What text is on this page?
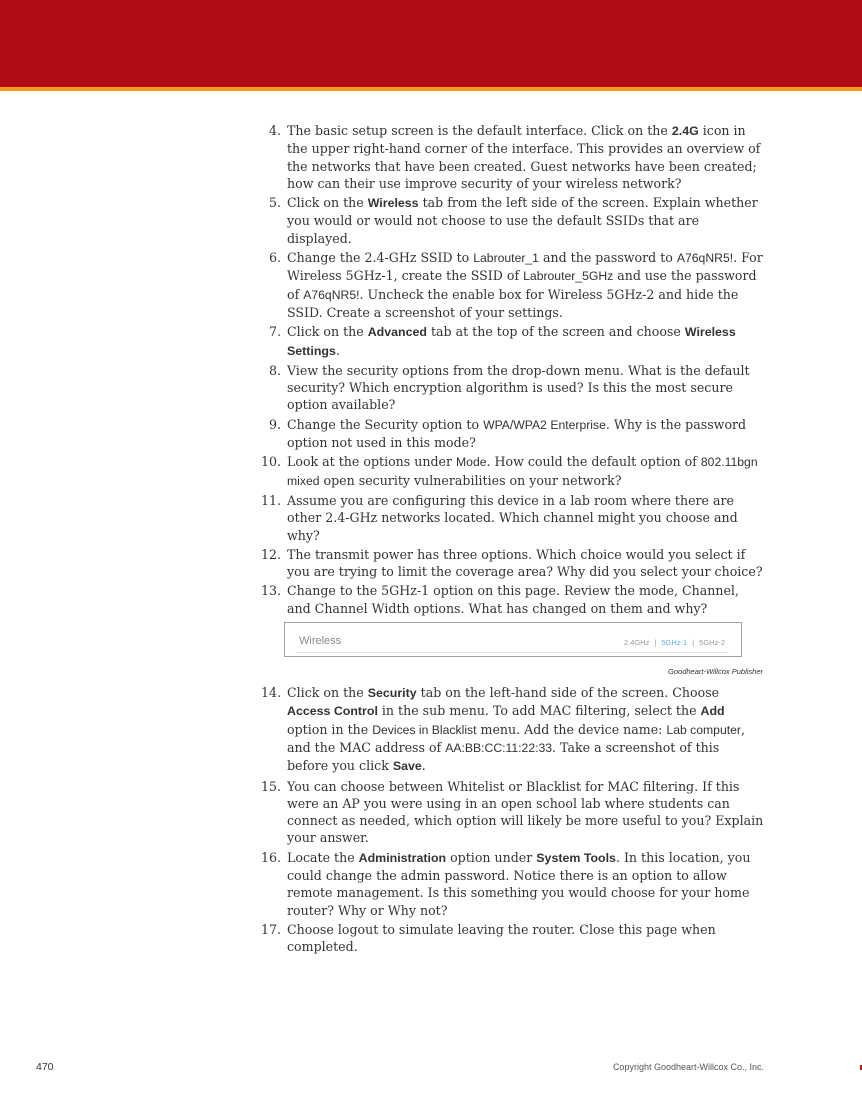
4. The basic setup screen is the default interface. Click on the 2.4G icon in the upper right-hand corner of the interface. This provides an overview of the networks that have been created. Guest networks have been created; how can their use improve security of your wireless network?
5. Click on the Wireless tab from the left side of the screen. Explain whether you would or would not choose to use the default SSIDs that are displayed.
6. Change the 2.4-GHz SSID to Labrouter_1 and the password to A76qNR5!. For Wireless 5GHz-1, create the SSID of Labrouter_5GHz and use the password of A76qNR5!. Uncheck the enable box for Wireless 5GHz-2 and hide the SSID. Create a screenshot of your settings.
7. Click on the Advanced tab at the top of the screen and choose Wireless Settings.
8. View the security options from the drop-down menu. What is the default security? Which encryption algorithm is used? Is this the most secure option available?
9. Change the Security option to WPA/WPA2 Enterprise. Why is the password option not used in this mode?
10. Look at the options under Mode. How could the default option of 802.11bgn mixed open security vulnerabilities on your network?
11. Assume you are configuring this device in a lab room where there are other 2.4-GHz networks located. Which channel might you choose and why?
12. The transmit power has three options. Which choice would you select if you are trying to limit the coverage area? Why did you select your choice?
13. Change to the 5GHz-1 option on this page. Review the mode, Channel, and Channel Width options. What has changed on them and why?
Wireless	2.4GHz | 5GHz-1 | 5GHz-2
Goodheart-Willcox Publisher
14. Click on the Security tab on the left-hand side of the screen. Choose Access Control in the sub menu. To add MAC filtering, select the Add option in the Devices in Blacklist menu. Add the device name: Lab computer, and the MAC address of AA:BB:CC:11:22:33. Take a screenshot of this before you click Save.
15. You can choose between Whitelist or Blacklist for MAC filtering. If this were an AP you were using in an open school lab where students can connect as needed, which option will likely be more useful to you? Explain your answer.
16. Locate the Administration option under System Tools. In this location, you could change the admin password. Notice there is an option to allow remote management. Is this something you would choose for your home router? Why or Why not?
17. Choose logout to simulate leaving the router. Close this page when completed.
470	Copyright Goodheart-Willcox Co., Inc.
